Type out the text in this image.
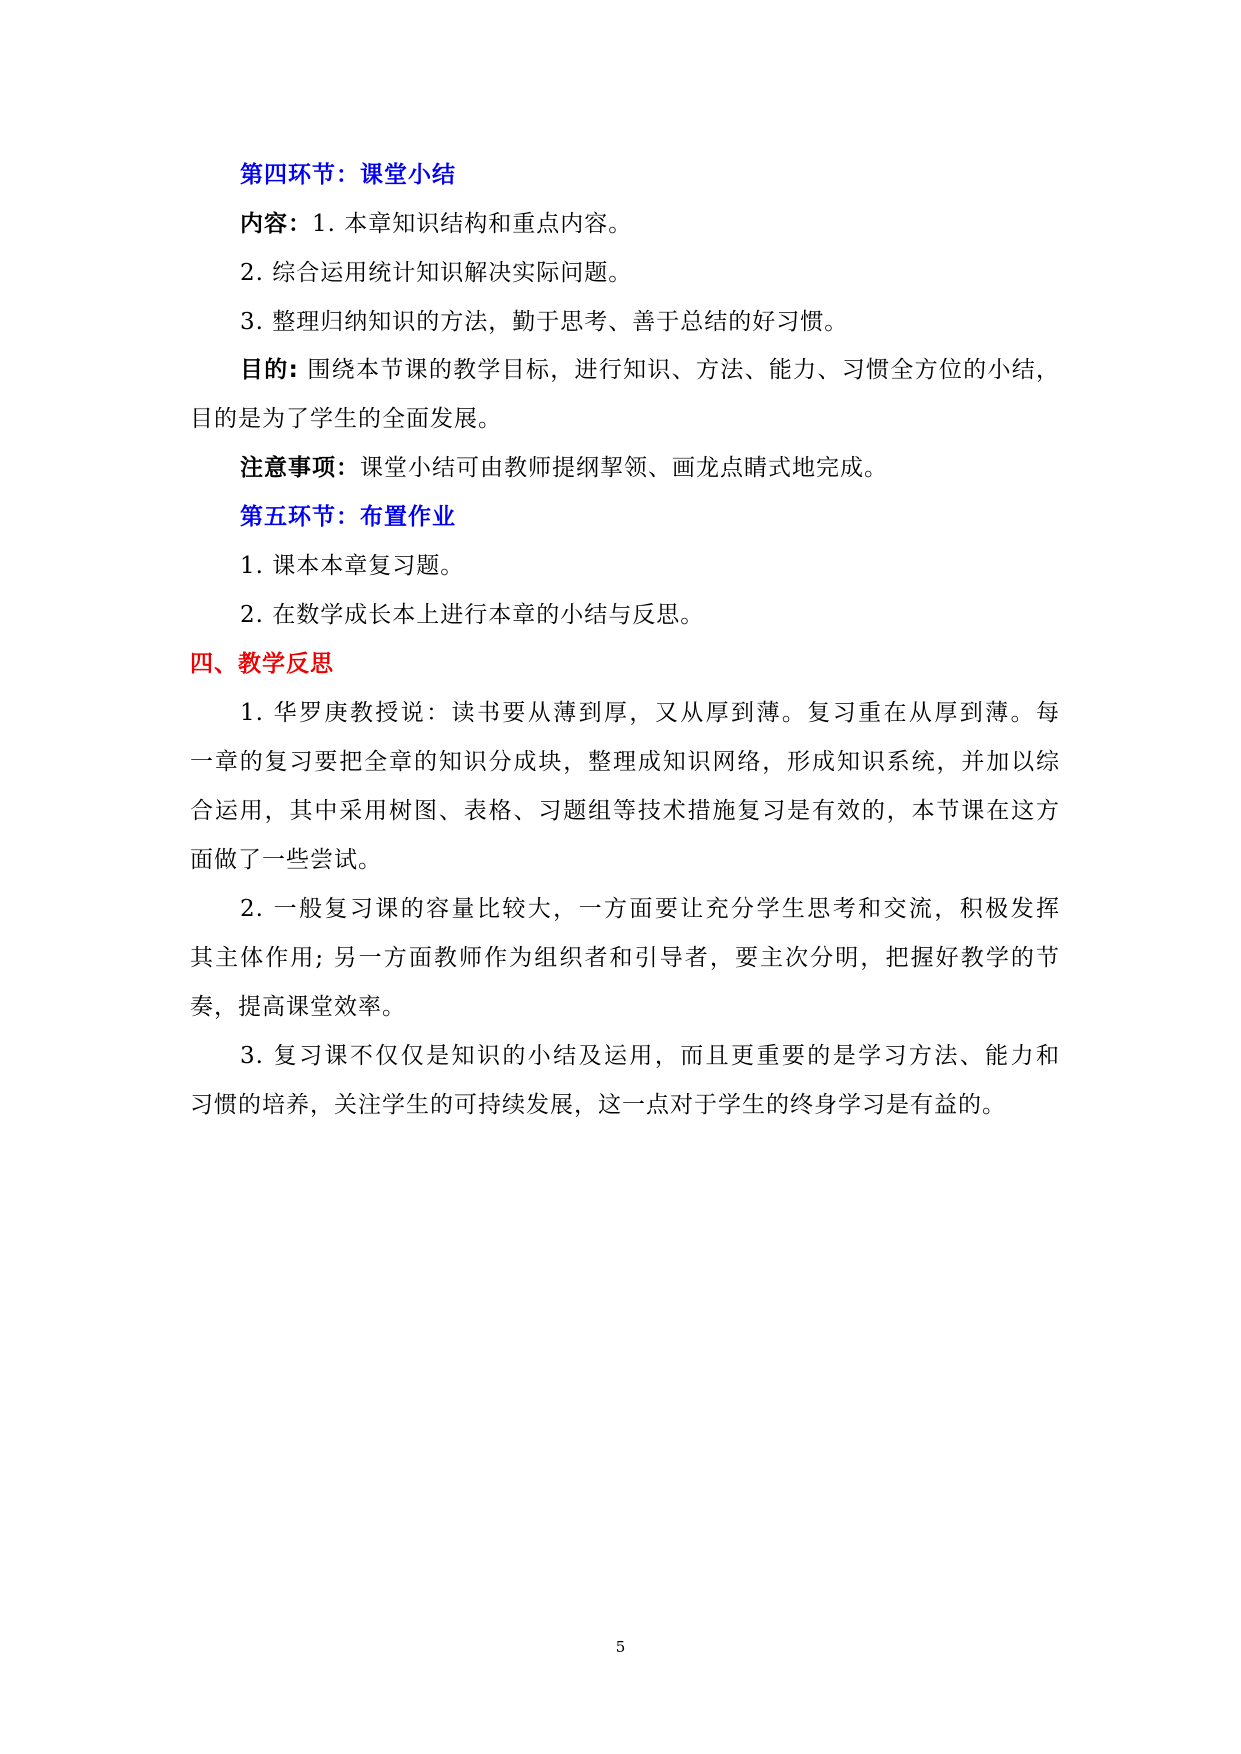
第四环节：课堂小结
内容：1. 本章知识结构和重点内容。
2. 综合运用统计知识解决实际问题。
3. 整理归纳知识的方法，勤于思考、善于总结的好习惯。
目的: 围绕本节课的教学目标，进行知识、方法、能力、习惯全方位的小结，
目的是为了学生的全面发展。
注意事项：课堂小结可由教师提纲挈领、画龙点睛式地完成。
第五环节：布置作业
1. 课本本章复习题。
2. 在数学成长本上进行本章的小结与反思。
四、教学反思
1. 华罗庚教授说：读书要从薄到厚，又从厚到薄。复习重在从厚到薄。每
一章的复习要把全章的知识分成块，整理成知识网络，形成知识系统，并加以综
合运用，其中采用树图、表格、习题组等技术措施复习是有效的，本节课在这方
面做了一些尝试。
2. 一般复习课的容量比较大，一方面要让充分学生思考和交流，积极发挥
其主体作用; 另一方面教师作为组织者和引导者，要主次分明，把握好教学的节
奏，提高课堂效率。
3. 复习课不仅仅是知识的小结及运用，而且更重要的是学习方法、能力和
习惯的培养，关注学生的可持续发展，这一点对于学生的终身学习是有益的。
5
